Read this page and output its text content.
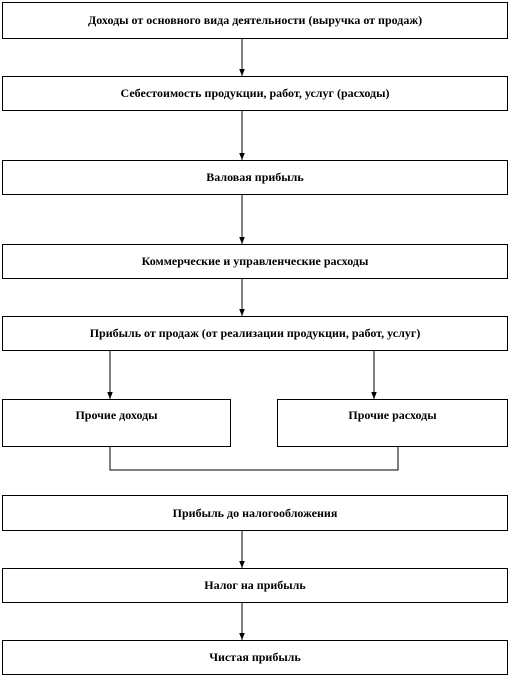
Доходы от основного вида деятельности (выручка от продаж)
Себестоимость продукции, работ, услуг (расходы)
Валовая прибыль
Коммерческие и управленческие расходы
Прибыль от продаж (от реализации продукции, работ, услуг)
Прочие доходы	Прочие расходы
Прибыль до налогообложения
Налог на прибыль
Чистая прибыль
